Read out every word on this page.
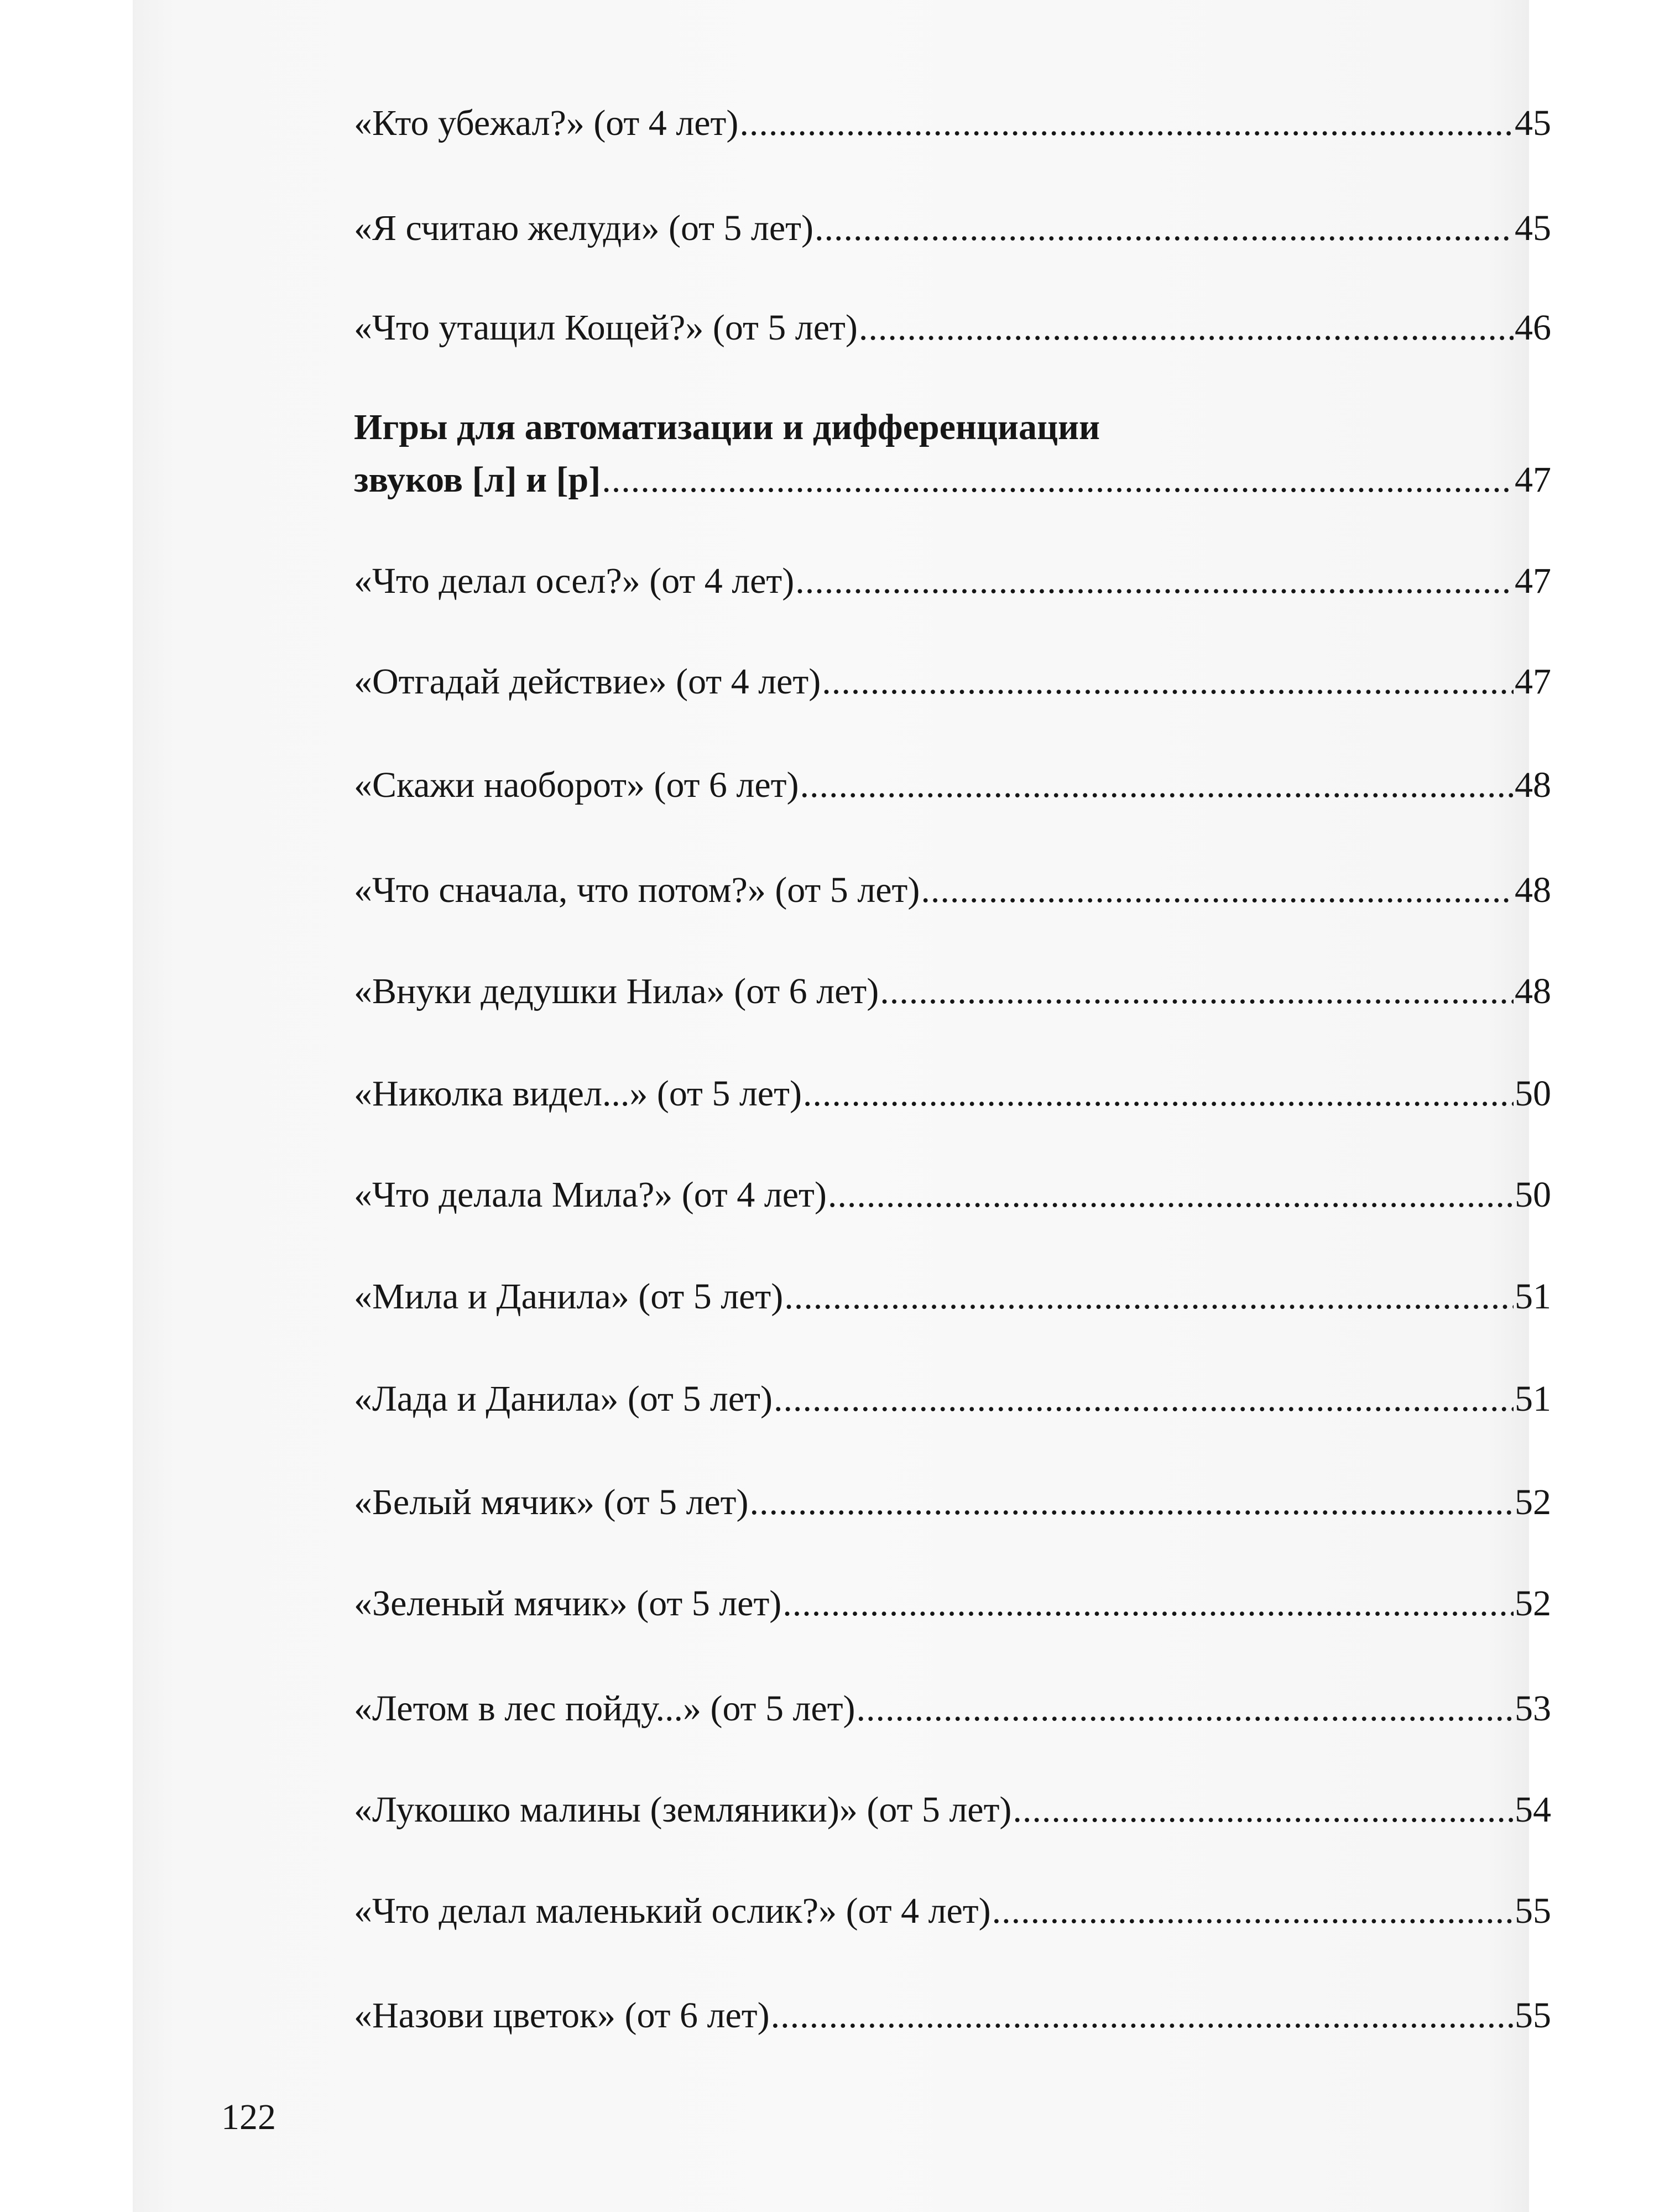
«Кто убежал?» (от 4 лет) .....	45
«Я считаю желуди» (от 5 лет) .....	45
«Что утащил Кощей?» (от 5 лет) .....	46
Игры для автоматизации и дифференциации
звуков [л] и [р] .....	47
«Что делал осел?» (от 4 лет) .....	47
«Отгадай действие» (от 4 лет) .....	47
«Скажи наоборот» (от 6 лет) .....	48
«Что сначала, что потом?» (от 5 лет) .....	48
«Внуки дедушки Нила» (от 6 лет) .....	48
«Николка видел...» (от 5 лет) .....	50
«Что делала Мила?» (от 4 лет) .....	50
«Мила и Данила» (от 5 лет) .....	51
«Лада и Данила» (от 5 лет) .....	51
«Белый мячик» (от 5 лет) .....	52
«Зеленый мячик» (от 5 лет) .....	52
«Летом в лес пойду...» (от 5 лет) .....	53
«Лукошко малины (земляники)» (от 5 лет) .....	54
«Что делал маленький ослик?» (от 4 лет) .....	55
«Назови цветок» (от 6 лет) .....	55
122
